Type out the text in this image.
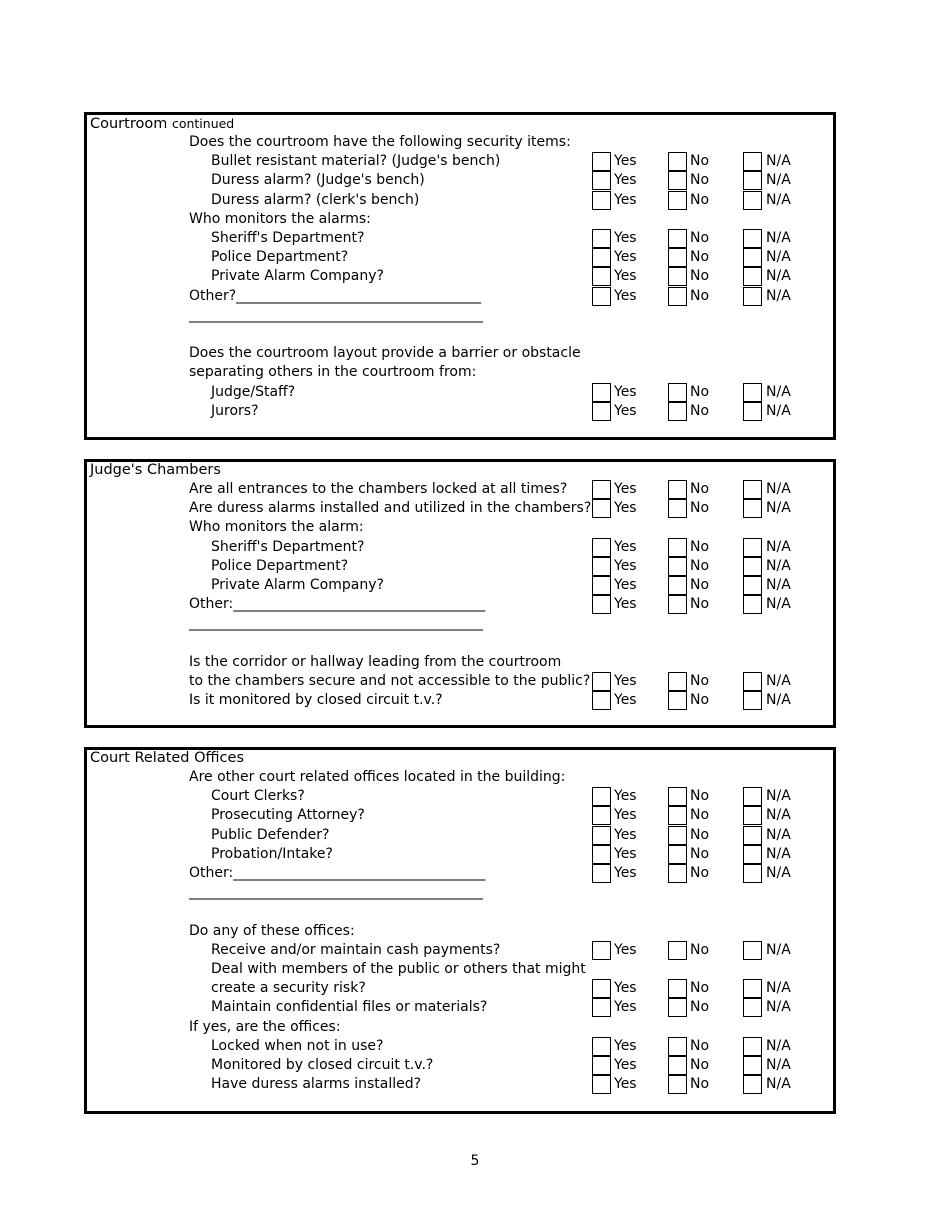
Courtroom continued
Does the courtroom have the following security items:
Bullet resistant material? (Judge's bench)	Yes	No	N/A
Duress alarm? (Judge's bench)	Yes	No	N/A
Duress alarm? (clerk's bench)	Yes	No	N/A
Who monitors the alarms:
Sheriff's Department?	Yes	No	N/A
Police Department?	Yes	No	N/A
Private Alarm Company?	Yes	No	N/A
Other?___________________________________	Yes	No	N/A
__________________________________________
Does the courtroom layout provide a barrier or obstacle
separating others in the courtroom from:
Judge/Staff?	Yes	No	N/A
Jurors?	Yes	No	N/A
Judge's Chambers
Are all entrances to the chambers locked at all times?	Yes	No	N/A
Are duress alarms installed and utilized in the chambers? Yes	No	N/A
Who monitors the alarm:
Sheriff's Department?	Yes	No	N/A
Police Department?	Yes	No	N/A
Private Alarm Company?	Yes	No	N/A
Other:____________________________________	Yes	No	N/A
__________________________________________
Is the corridor or hallway leading from the courtroom
to the chambers secure and not accessible to the public? Yes	No	N/A
Is it monitored by closed circuit t.v.?	Yes	No	N/A
Court Related Offices
Are other court related offices located in the building:
Court Clerks?	Yes	No	N/A
Prosecuting Attorney?	Yes	No	N/A
Public Defender?	Yes	No	N/A
Probation/Intake?	Yes	No	N/A
Other:____________________________________	Yes	No	N/A
__________________________________________
Do any of these offices:
Receive and/or maintain cash payments?	Yes	No	N/A
Deal with members of the public or others that might
create a security risk?	Yes	No	N/A
Maintain confidential files or materials?	Yes	No	N/A
If yes, are the offices:
Locked when not in use?	Yes	No	N/A
Monitored by closed circuit t.v.?	Yes	No	N/A
Have duress alarms installed?	Yes	No	N/A
5
